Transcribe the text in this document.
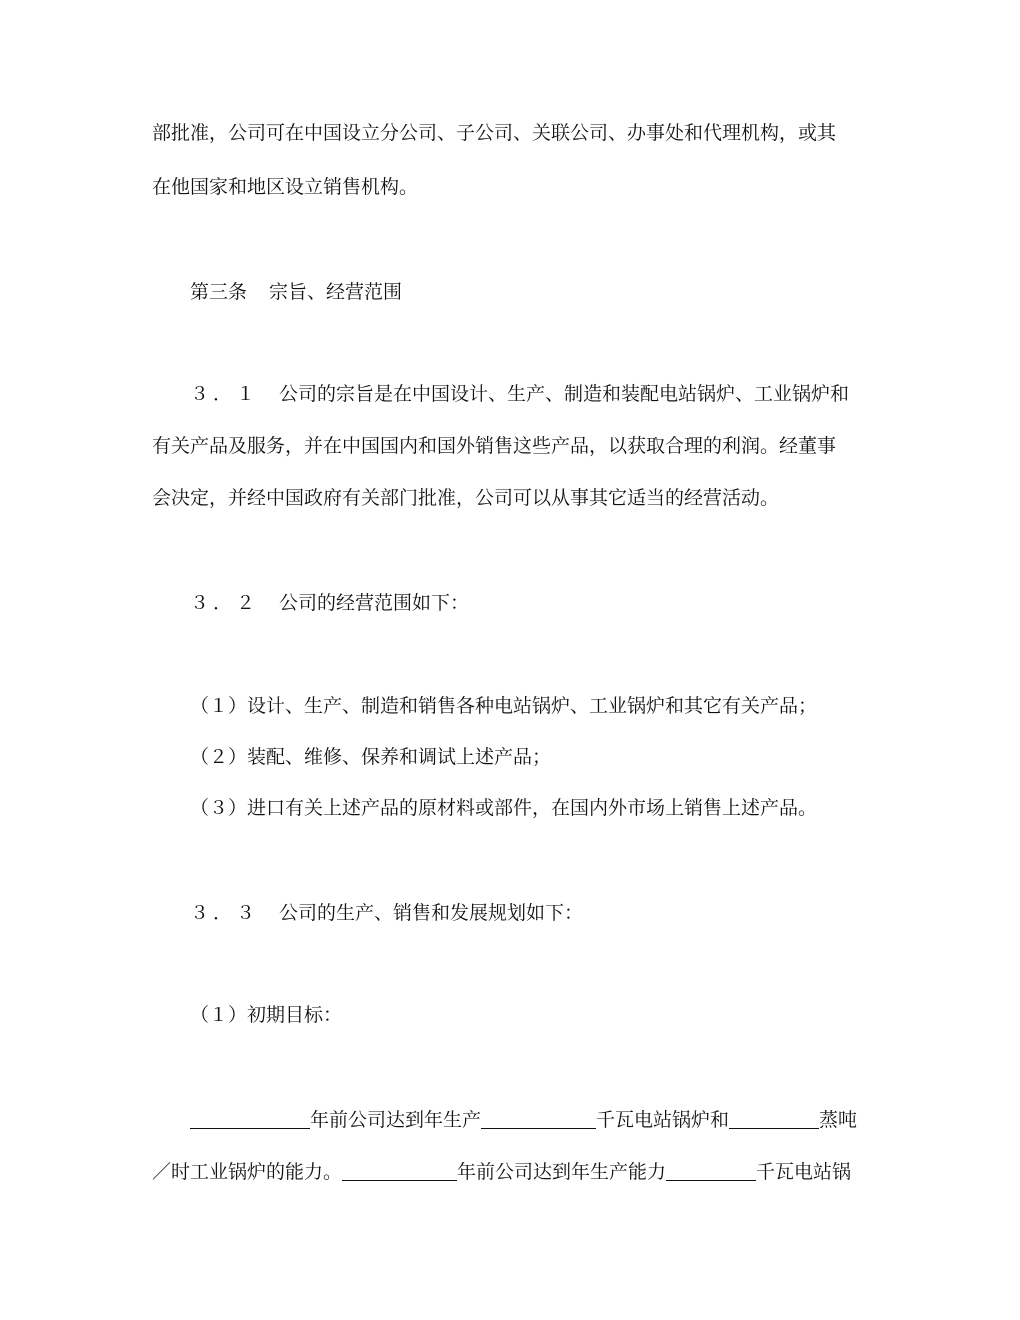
部批准，公司可在中国设立分公司、子公司、关联公司、办事处和代理机构，或其
在他国家和地区设立销售机构。
第三条 宗旨、经营范围
３．１ 公司的宗旨是在中国设计、生产、制造和装配电站锅炉、工业锅炉和
有关产品及服务，并在中国国内和国外销售这些产品，以获取合理的利润。经董事
会决定，并经中国政府有关部门批准，公司可以从事其它适当的经营活动。
３．２ 公司的经营范围如下：
（１）设计、生产、制造和销售各种电站锅炉、工业锅炉和其它有关产品；
（２）装配、维修、保养和调试上述产品；
（３）进口有关上述产品的原材料或部件，在国内外市场上销售上述产品。
３．３ 公司的生产、销售和发展规划如下：
（１）初期目标：
年前公司达到年生产	千瓦电站锅炉和	蒸吨
／时工业锅炉的能力。	年前公司达到年生产能力	千瓦电站锅
